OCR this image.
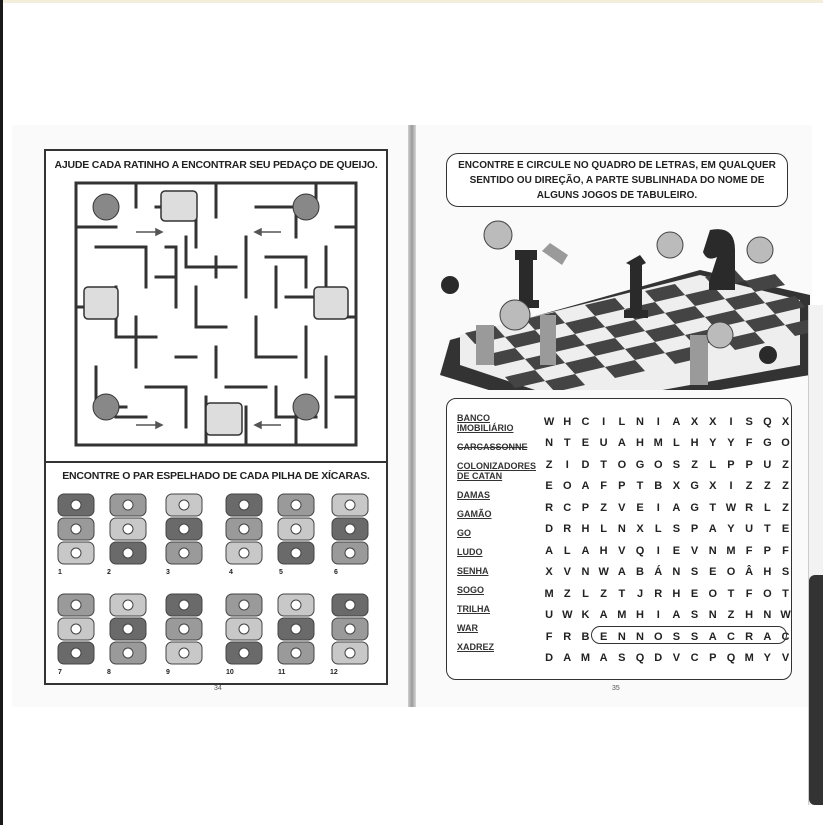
AJUDE CADA RATINHO A ENCONTRAR SEU PEDAÇO DE QUEIJO.
ENCONTRE O PAR ESPELHADO DE CADA PILHA DE XÍCARAS.
1	2	3	4	5	6
7	8	9	10	11	12
34
ENCONTRE E CIRCULE NO QUADRO DE LETRAS, EM QUALQUER SENTIDO OU DIREÇÃO, A PARTE SUBLINHADA DO NOME DE ALGUNS JOGOS DE TABULEIRO.
BANCO IMOBILIÁRIO
CARCASSONNE
COLONIZADORES DE CATAN
DAMAS
GAMÃO
GO
LUDO
SENHA
SOGO
TRILHA
WAR
XADREZ
W H C	I	L N	I	A X X	I	S Q X
N T	E U A H M L H Y Y	F G O
Z	I	D T O G O S	Z	L	P P U Z
E O A F	P	T B X G X	I	Z	Z	Z
R C P	Z	V E	I	A G T W R L	Z
D R H L N X	L	S P A Y U T	E
A L A H V Q	I	E V N M F	P	F
X V N W A B Á N S E O Â H S
M Z	L	Z	T	J	R H E O T	F O T
U W K A M H	I	A S N Z H N W
F R B E N N O S S A C R A C
D A M A S Q D V C P Q M Y V
35
